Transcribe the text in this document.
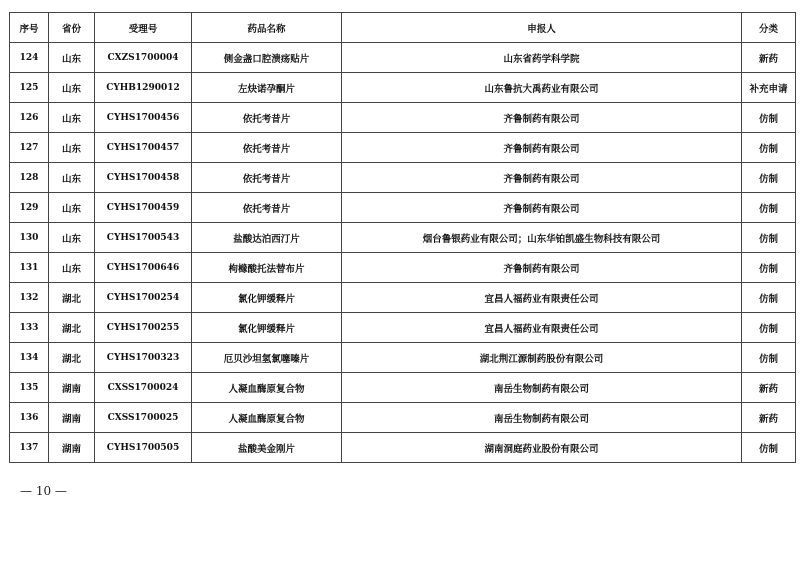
序号	省份	受理号	药品名称	申报人	分类
124	山东	CXZS1700004	侧金盏口腔溃疡贴片	山东省药学科学院	新药
125	山东	CYHB1290012	左炔诺孕酮片	山东鲁抗大禹药业有限公司	补充申请
126	山东	CYHS1700456	依托考昔片	齐鲁制药有限公司	仿制
127	山东	CYHS1700457	依托考昔片	齐鲁制药有限公司	仿制
128	山东	CYHS1700458	依托考昔片	齐鲁制药有限公司	仿制
129	山东	CYHS1700459	依托考昔片	齐鲁制药有限公司	仿制
130	山东	CYHS1700543	盐酸达泊西汀片	烟台鲁银药业有限公司；山东华铂凯盛生物科技有限公司	仿制
131	山东	CYHS1700646	枸橼酸托法替布片	齐鲁制药有限公司	仿制
132	湖北	CYHS1700254	氯化钾缓释片	宜昌人福药业有限责任公司	仿制
133	湖北	CYHS1700255	氯化钾缓释片	宜昌人福药业有限责任公司	仿制
134	湖北	CYHS1700323	厄贝沙坦氢氯噻嗪片	湖北荆江源制药股份有限公司	仿制
135	湖南	CXSS1700024	人凝血酶原复合物	南岳生物制药有限公司	新药
136	湖南	CXSS1700025	人凝血酶原复合物	南岳生物制药有限公司	新药
137	湖南	CYHS1700505	盐酸美金刚片	湖南洞庭药业股份有限公司	仿制
— 10 —
